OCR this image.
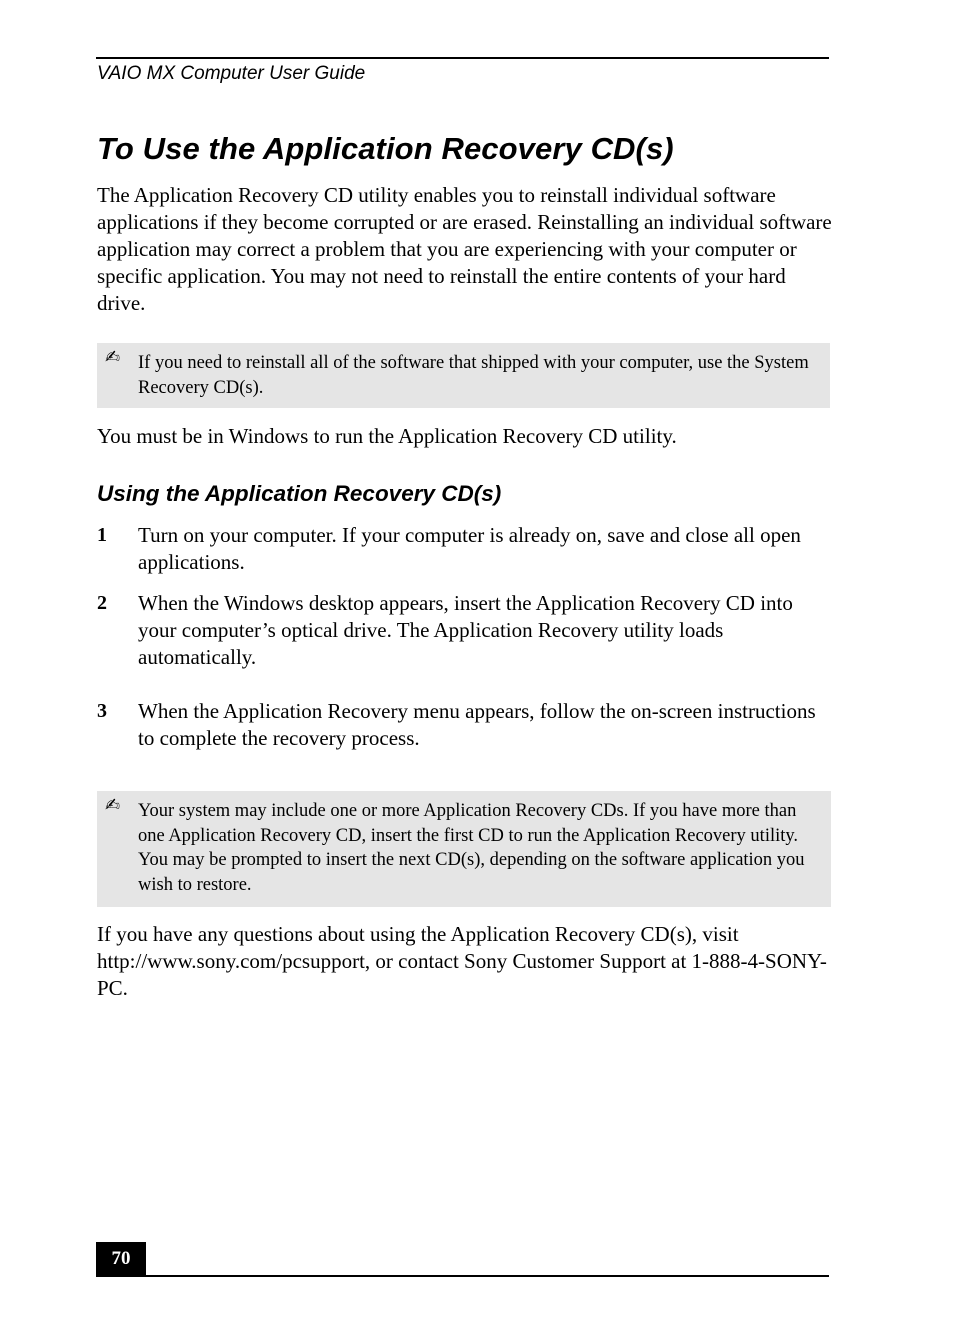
VAIO MX Computer User Guide
To Use the Application Recovery CD(s)

The Application Recovery CD utility enables you to reinstall individual software applications if they become corrupted or are erased. Reinstalling an individual software application may correct a problem that you are experiencing with your computer or specific application. You may not need to reinstall the entire contents of your hard drive.

✍ If you need to reinstall all of the software that shipped with your computer, use the System Recovery CD(s).

You must be in Windows to run the Application Recovery CD utility.

Using the Application Recovery CD(s)
1 Turn on your computer. If your computer is already on, save and close all open applications.

2 When the Windows desktop appears, insert the Application Recovery CD into your computer’s optical drive. The Application Recovery utility loads automatically.

3 When the Application Recovery menu appears, follow the on-screen instructions to complete the recovery process.

✍ Your system may include one or more Application Recovery CDs. If you have more than one Application Recovery CD, insert the first CD to run the Application Recovery utility. You may be prompted to insert the next CD(s), depending on the software application you wish to restore.

If you have any questions about using the Application Recovery CD(s), visit http://www.sony.com/pcsupport, or contact Sony Customer Support at 1-888-4-SONY-PC.

70
